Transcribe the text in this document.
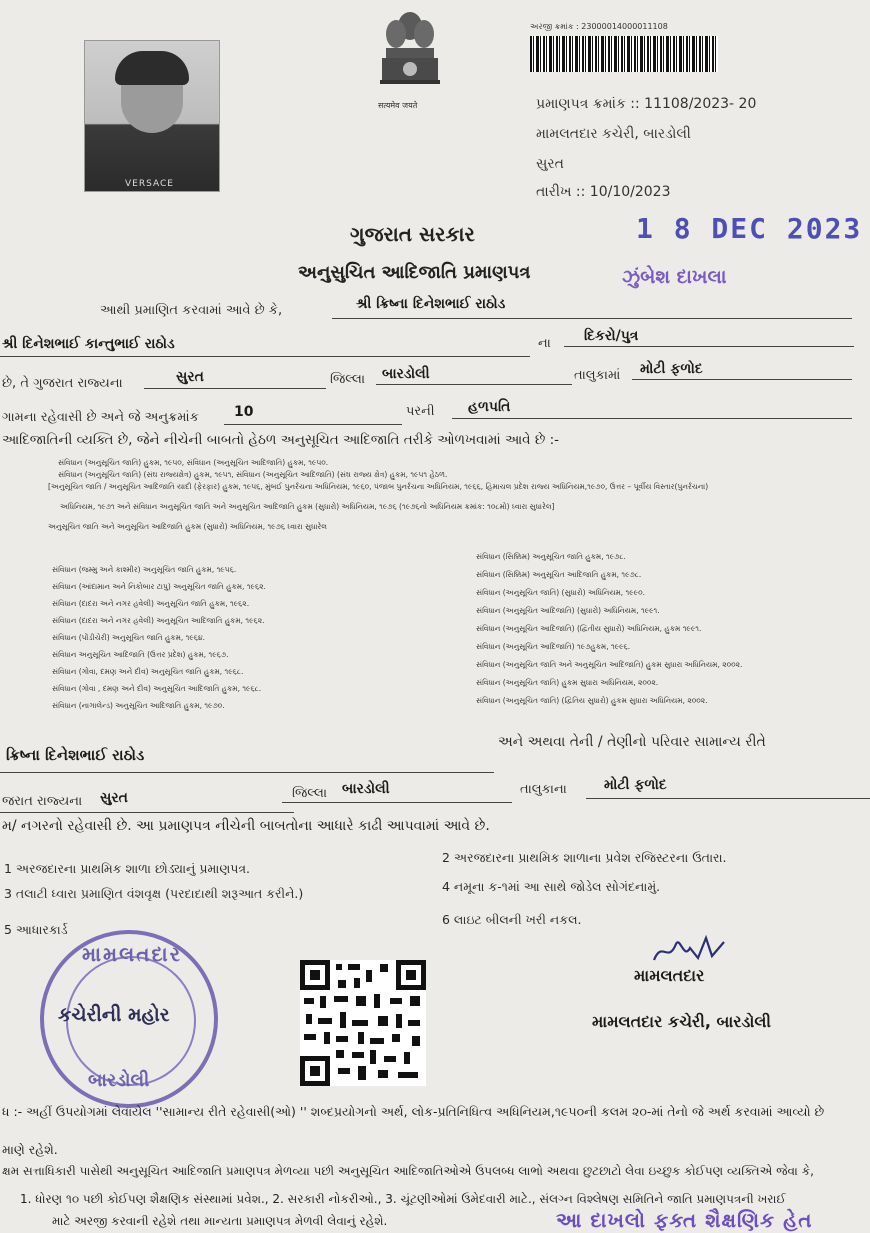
VERSACE
सत्यमेव जयते
અરજી ક્રમાંક : 23000014000011108
પ્રમાણપત્ર ક્રમાંક :: 11108/2023- 20
મામલતદાર કચેરી, બારડોલી
સુરત
તારીખ :: 10/10/2023
ગુજરાત સરકાર	1 8 DEC 2023
અનુસુચિત આદિજાતિ પ્રમાણપત્ર	ઝુંબેશ દાખલા
આથી પ્રમાણિત કરવામાં આવે છે કે,	શ્રી ક્રિષ્ના દિનેશભાઈ રાઠોડ
શ્રી દિનેશભાઈ કાન્તુભાઈ રાઠોડ	ના દિકરો/પુત્ર
છે, તે ગુજરાત રાજ્યના	સુરત	જિલ્લા બારડોલી	તાલુકામાં મોટી ફળોદ
ગામના રહેવાસી છે અને જે અનુક્રમાંક	10	પરની હળપતિ
આદિજાતિની વ્યક્તિ છે, જેને નીચેની બાબતો હેઠળ અનુસૂચિત આદિજાતિ તરીકે ઓળખવામાં આવે છે :-
સંવિધાન (અનુસૂચિત જાતિ) હુકમ, ૧૯૫૦, સંવિધાન (અનુસૂચિત આદિજાતિ) હુકમ, ૧૯૫૦.
સંવિધાન (અનુસૂચિત જાતિ) (સંઘ રાજ્યક્ષેત્ર) હુકમ, ૧૯૫૧, સંવિધાન (અનુસૂચિત આદિજાતિ) (સંઘ રાજ્ય ક્ષેત્ર) હુકમ, ૧૯૫૧ હેઠળ.
[અનુસૂચિત જાતિ / અનુસૂચિત આદિજાતિ યાદી (ફેરફાર) હુકમ, ૧૯૫૬, મુંબઈ પુનર્રચના અધિનિયમ, ૧૯૬૦, પંજાબ પુનર્રચના અધિનિયમ, ૧૯૬૬, હિમાચલ પ્રદેશ રાજ્ય અધિનિયમ,૧૯૭૦, ઉત્તર – પૂર્વીય વિસ્તાર(પુનર્રચના)
અધિનિયમ, ૧૯૭૧ અને સંવિધાન અનુસૂચિત જાતિ અને અનુસૂચિત આદિજાતિ હુકમ (સુધારો) અધિનિયમ, ૧૯૭૬ (૧૯૭૬નો અધિનિયમ ક્રમાંક: ૧૦૮મો) ધ્વારા સુધારેલ]
અનુસૂચિત જાતિ અને અનુસૂચિત આદિજાતિ હુકમ (સુધારો) અધિનિયમ, ૧૯૭૬ ધ્વારા સુધારેલ
સંવિધાન (જમ્મુ અને કાશ્મીર) અનુસૂચિત જાતિ હુકમ, ૧૯૫૬.
સંવિધાન (આંદામાન અને નિકોબાર ટાપુ) અનુસૂચિત જાતિ હુકમ, ૧૯૬૨.
સંવિધાન (દાદરા અને નગર હવેલી) અનુસૂચિત જાતિ હુકમ, ૧૯૬૨.
સંવિધાન (દાદરા અને નગર હવેલી) અનુસૂચિત આદિજાતિ હુકમ, ૧૯૬૨.
સંવિધાન (પોંડીચેરી) અનુસૂચિત જાતિ હુકમ, ૧૯૬૪.
સંવિધાન અનુસૂચિત આદિજાતિ (ઉત્તર પ્રદેશ) હુકમ, ૧૯૬૭.
સંવિધાન (ગોવા, દમણ અને દીવ) અનુસૂચિત જાતિ હુકમ, ૧૯૬૮.
સંવિધાન (ગોવા , દમણ અને દીવ) અનુસૂચિત આદિજાતિ હુકમ, ૧૯૬૮.
સંવિધાન (નાગાલેન્ડ) અનુસૂચિત આદિજાતિ હુકમ, ૧૯૭૦.
સંવિધાન (સિક્કિમ) અનુસૂચિત જાતિ હુકમ, ૧૯૭૮.
સંવિધાન (સિક્કિમ) અનુસૂચિત આદિજાતિ હુકમ, ૧૯૭૮.
સંવિધાન (અનુસૂચિત જાતિ) (સુધારો) અધિનિયમ, ૧૯૯૦.
સંવિધાન (અનુસૂચિત આદિજાતિ) (સુધારો) અધિનિયમ, ૧૯૯૧.
સંવિધાન (અનુસૂચિત આદિજાતિ) (દ્વિતીય સુધારો) અધિનિયમ, હુકમ ૧૯૯૧.
સંવિધાન (અનુસૂચિત આદિજાતિ) ૧૯૭હુકમ, ૧૯૯૬.
સંવિધાન (અનુસૂચિત જાતિ અને અનુસૂચિત આદિજાતિ) હુકમ સુધારા અધિનિયમ, ૨૦૦૨.
સંવિધાન (અનુસૂચિત જાતિ) હુકમ સુધારા અધિનિયમ, ૨૦૦૨.
સંવિધાન (અનુસૂચિત જાતિ) (દ્વિતિય સુધારો) હુકમ સુધારા અધિનિયમ, ૨૦૦૨.
ક્રિષ્ના દિનેશભાઈ રાઠોડ
અને અથવા તેની / તેણીનો પરિવાર સામાન્ય રીતે
જરાત રાજ્યના સુરત	જિલ્લા બારડોલી	તાલુકાના	મોટી ફળોદ
મ/ નગરનો રહેવાસી છે. આ પ્રમાણપત્ર નીચેની બાબતોના આધારે કાઢી આપવામાં આવે છે.
1 અરજદારના પ્રાથમિક શાળા છોડ્યાનું પ્રમાણપત્ર.
2 અરજદારના પ્રાથમિક શાળાના પ્રવેશ રજિસ્ટરના ઉતારા.
3 તલાટી ધ્વારા પ્રમાણિત વંશવૃક્ષ (પરદાદાથી શરૂઆત કરીને.)	4 નમૂના ક-૧માં આ સાથે જોડેલ સોગંદનામું.
5 આધારકાર્ડ
6 લાઇટ બીલની ખરી નકલ.
મામલતદાર
કચેરીની મહોર
બારડોલી
મામલતદાર
મામલતદાર કચેરી, બારડોલી
ધ :- અહીં ઉપયોગમાં લેવાયેલ ''સામાન્ય રીતે રહેવાસી(ઓ) '' શબ્દપ્રયોગનો અર્થ, લોક-પ્રતિનિધિત્વ અધિનિયમ,૧૯૫૦ની કલમ ૨૦-માં તેનો જે અર્થ કરવામાં આવ્યો છે
માણે રહેશે.
ક્ષમ સત્તાધિકારી પાસેથી અનુસૂચિત આદિજાતિ પ્રમાણપત્ર મેળવ્યા પછી અનુસૂચિત આદિજાતિઓએ ઉપલબ્ધ લાભો અથવા છુટછાટો લેવા ઇચ્છુક કોઈપણ વ્યક્તિએ જેવા કે,
1. ધોરણ ૧૦ પછી કોઈપણ શૈક્ષણિક સંસ્થામાં પ્રવેશ., 2. સરકારી નોકરીઓ., 3. ચૂંટણીઓમાં ઉમેદવારી માટે., સંલગ્ન વિશ્લેષણ સમિતિને જાતિ પ્રમાણપત્રની ખરાઈ
માટે અરજી કરવાની રહેશે તથા માન્યતા પ્રમાણપત્ર મેળવી લેવાનું રહેશે.	આ દાખલો ફક્ત શૈક્ષણિક હેત
